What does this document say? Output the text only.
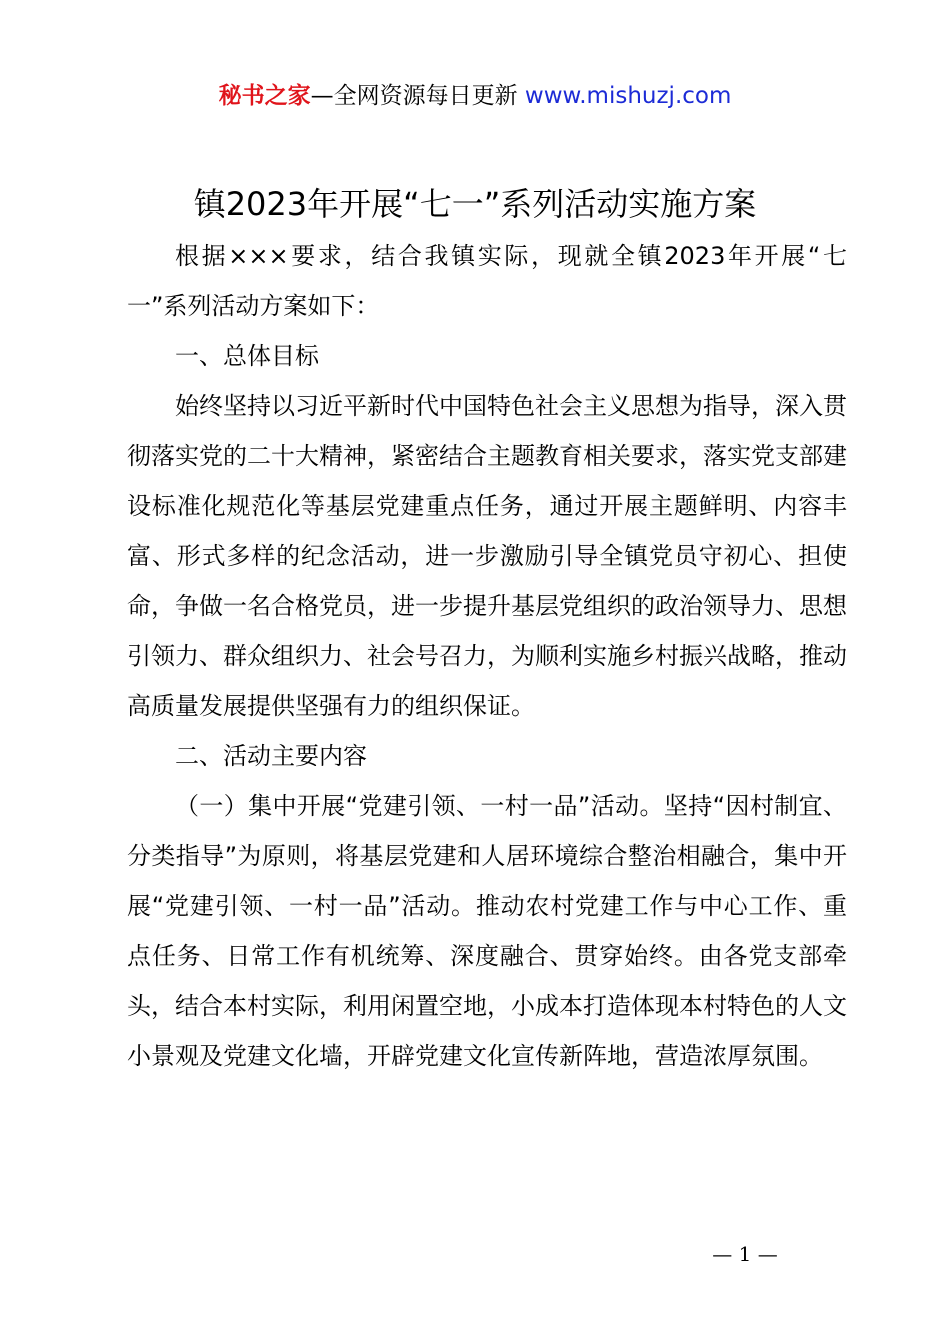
秘书之家—全网资源每日更新 www.mishuzj.com
镇2023年开展“七一”系列活动实施方案

根据×××要求，结合我镇实际，现就全镇2023年开展“七一”系列活动方案如下：

一、总体目标

始终坚持以习近平新时代中国特色社会主义思想为指导，深入贯彻落实党的二十大精神，紧密结合主题教育相关要求，落实党支部建设标准化规范化等基层党建重点任务，通过开展主题鲜明、内容丰富、形式多样的纪念活动，进一步激励引导全镇党员守初心、担使命，争做一名合格党员，进一步提升基层党组织的政治领导力、思想引领力、群众组织力、社会号召力，为顺利实施乡村振兴战略，推动高质量发展提供坚强有力的组织保证。

二、活动主要内容

（一）集中开展“党建引领、一村一品”活动。坚持“因村制宜、分类指导”为原则，将基层党建和人居环境综合整治相融合，集中开展“党建引领、一村一品”活动。推动农村党建工作与中心工作、重点任务、日常工作有机统筹、深度融合、贯穿始终。由各党支部牵头，结合本村实际，利用闲置空地，小成本打造体现本村特色的人文小景观及党建文化墙，开辟党建文化宣传新阵地，营造浓厚氛围。

— 1 —
